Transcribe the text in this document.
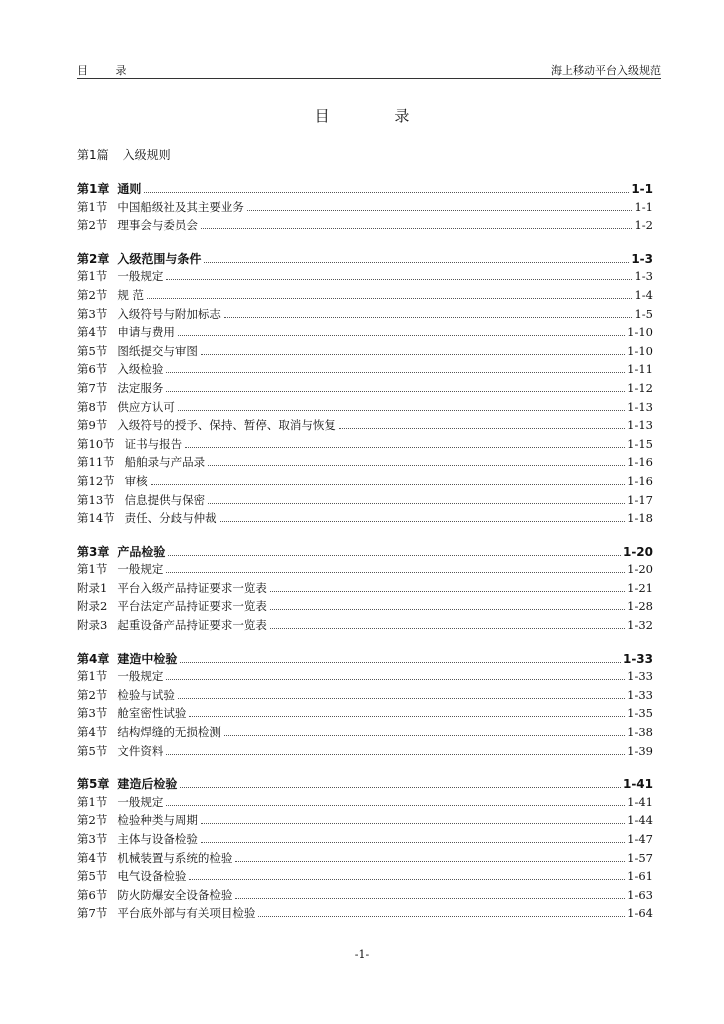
目 录	海上移动平台入级规范
目 录
第1篇 入级规则
第1章 通则	1-1
第1节 中国船级社及其主要业务	1-1
第2节 理事会与委员会	1-2
第2章 入级范围与条件	1-3
第1节 一般规定	1-3
第2节 规 范	1-4
第3节 入级符号与附加标志	1-5
第4节 申请与费用	1-10
第5节 图纸提交与审图	1-10
第6节 入级检验	1-11
第7节 法定服务	1-12
第8节 供应方认可	1-13
第9节 入级符号的授予、保持、暂停、取消与恢复	1-13
第10节 证书与报告	1-15
第11节 船舶录与产品录	1-16
第12节 审核	1-16
第13节 信息提供与保密	1-17
第14节 责任、分歧与仲裁	1-18
第3章 产品检验	1-20
第1节 一般规定	1-20
附录1 平台入级产品持证要求一览表	1-21
附录2 平台法定产品持证要求一览表	1-28
附录3 起重设备产品持证要求一览表	1-32
第4章 建造中检验	1-33
第1节 一般规定	1-33
第2节 检验与试验	1-33
第3节 舱室密性试验	1-35
第4节 结构焊缝的无损检测	1-38
第5节 文件资料	1-39
第5章 建造后检验	1-41
第1节 一般规定	1-41
第2节 检验种类与周期	1-44
第3节 主体与设备检验	1-47
第4节 机械装置与系统的检验	1-57
第5节 电气设备检验	1-61
第6节 防火防爆安全设备检验	1-63
第7节 平台底外部与有关项目检验	1-64
-1-
